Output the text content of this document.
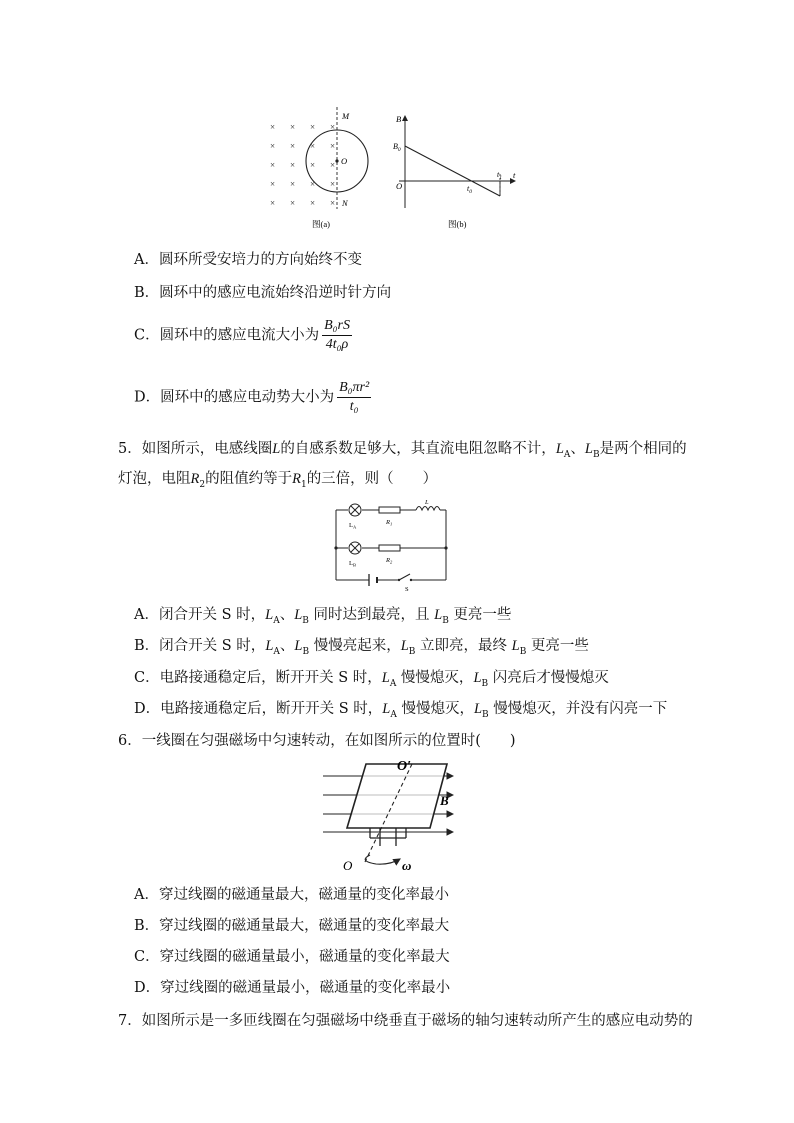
× × × ×
× × × ×
× × × ×
× × × ×
× × × ×
M
O
N
图(a)
B
t
O
$B_0$
$t_0$
$t_1$
图(b)
A．圆环所受安培力的方向始终不变
B．圆环中的感应电流始终沿逆时针方向
C．圆环中的感应电流大小为 $\frac{\text{B₀rS}}{\text{4t₀ρ}}$
D．圆环中的感应电动势大小为 $\frac{\text{B₀πr²}}{\text{t₀}}$
5．如图所示，电感线圈L的自感系数足够大，其直流电阻忽略不计，$L_A$、$L_B$是两个相同的
灯泡，电阻$R_2$的阻值约等于$R_1$的三倍，则（　　）
$L_A$
$R_1$
L
$L_B$
$R_2$
S
A．闭合开关 S 时，$L_A$、$L_B$ 同时达到最亮，且 $L_B$ 更亮一些
B．闭合开关 S 时，$L_A$、$L_B$ 慢慢亮起来，$L_B$ 立即亮，最终 $L_B$ 更亮一些
C．电路接通稳定后，断开开关 S 时，$L_A$ 慢慢熄灭，$L_B$ 闪亮后才慢慢熄灭
D．电路接通稳定后，断开开关 S 时，$L_A$ 慢慢熄灭，$L_B$ 慢慢熄灭，并没有闪亮一下
6．一线圈在匀强磁场中匀速转动，在如图所示的位置时(　　)
O′
B
O	ω
A．穿过线圈的磁通量最大，磁通量的变化率最小
B．穿过线圈的磁通量最大，磁通量的变化率最大
C．穿过线圈的磁通量最小，磁通量的变化率最大
D．穿过线圈的磁通量最小，磁通量的变化率最小
7．如图所示是一多匝线圈在匀强磁场中绕垂直于磁场的轴匀速转动所产生的感应电动势的
